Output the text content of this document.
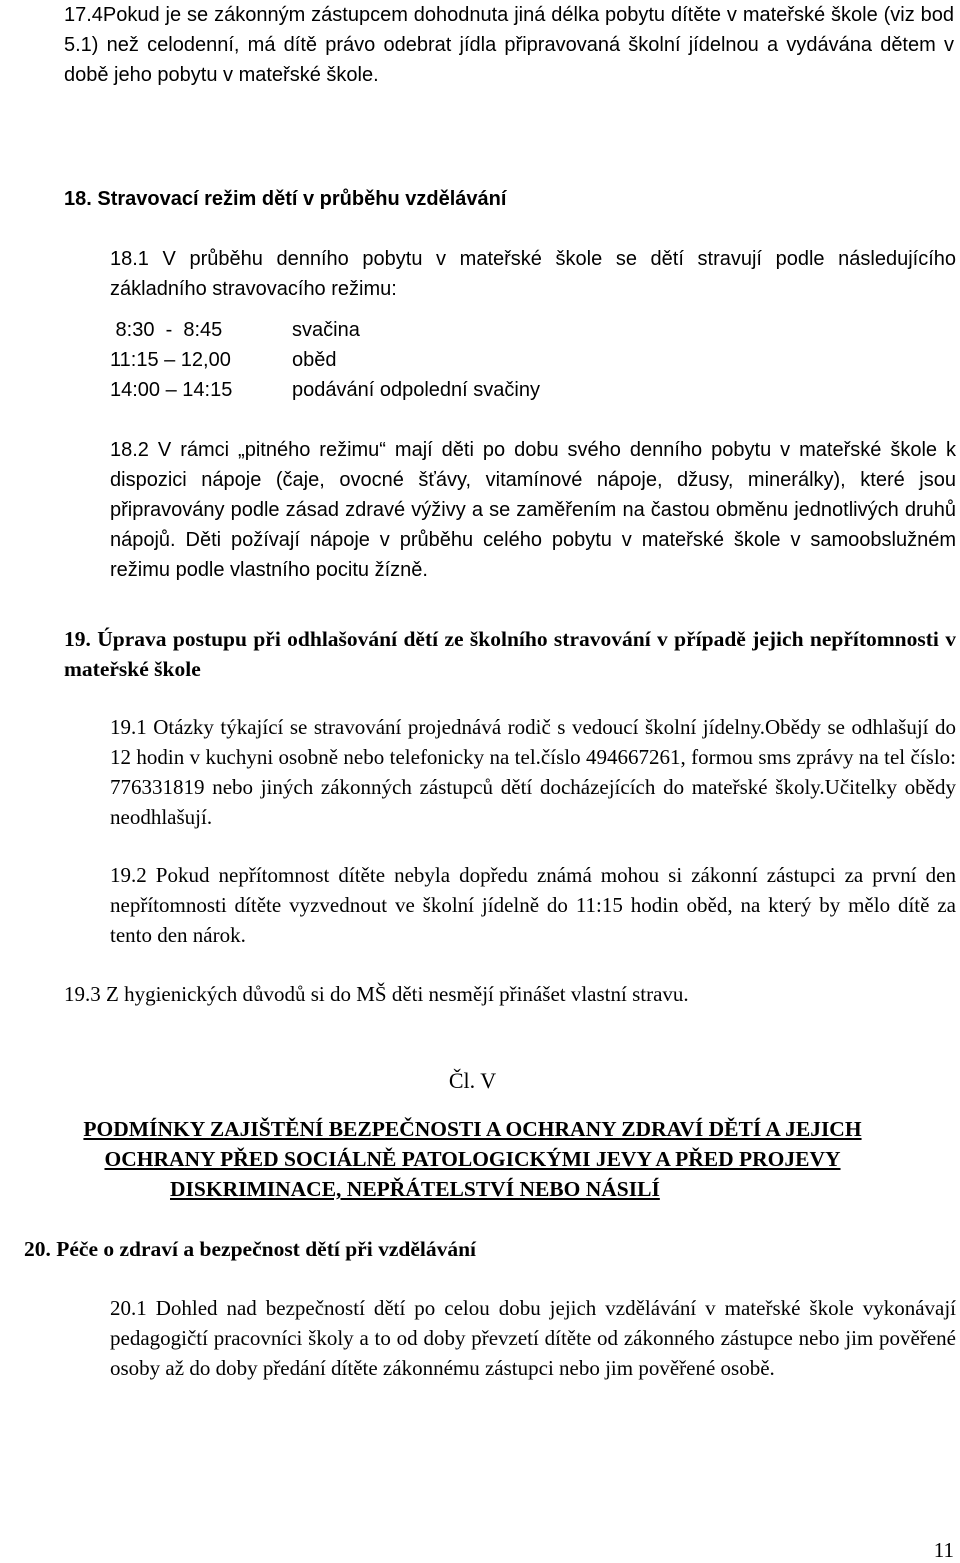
17.4Pokud je se zákonným zástupcem dohodnuta jiná délka pobytu dítěte v mateřské škole (viz bod 5.1) než celodenní, má dítě právo odebrat jídla připravovaná školní jídelnou a vydávána dětem v době jeho pobytu v mateřské škole.

18. Stravovací režim dětí v průběhu vzdělávání

18.1 V průběhu denního pobytu v mateřské škole se dětí stravují podle následujícího základního stravovacího režimu:

8:30  -  8:45	svačina
11:15 – 12,00	oběd
14:00 – 14:15	podávání odpolední svačiny

18.2 V rámci „pitného režimu“ mají děti po dobu svého denního pobytu v mateřské škole k dispozici nápoje (čaje, ovocné šťávy, vitamínové nápoje, džusy, minerálky), které jsou připravovány podle zásad zdravé výživy a se zaměřením na častou obměnu jednotlivých druhů nápojů. Děti požívají nápoje v průběhu celého pobytu v mateřské škole v samoobslužném režimu podle vlastního pocitu žízně.

19. Úprava postupu při odhlašování dětí ze školního stravování v případě jejich nepřítomnosti v mateřské škole

19.1 Otázky týkající se stravování projednává rodič s vedoucí školní jídelny.Obědy se odhlašují do 12 hodin v kuchyni osobně nebo telefonicky na tel.číslo 494667261, formou sms zprávy na tel číslo: 776331819 nebo jiných zákonných zástupců dětí docházejících do mateřské školy.Učitelky obědy neodhlašují.

19.2 Pokud nepřítomnost dítěte nebyla dopředu známá mohou si zákonní zástupci za první den nepřítomnosti dítěte vyzvednout ve školní jídelně do 11:15 hodin oběd, na který by mělo dítě za tento den nárok.

19.3 Z hygienických důvodů si do MŠ děti nesmějí přinášet vlastní stravu.

Čl. V

PODMÍNKY ZAJIŠTĚNÍ BEZPEČNOSTI A OCHRANY ZDRAVÍ DĚTÍ A JEJICH

OCHRANY PŘED SOCIÁLNĚ PATOLOGICKÝMI JEVY A PŘED PROJEVY

DISKRIMINACE, NEPŘÁTELSTVÍ NEBO NÁSILÍ

20. Péče o zdraví a bezpečnost dětí při vzdělávání

20.1 Dohled nad bezpečností dětí po celou dobu jejich vzdělávání v mateřské škole vykonávají pedagogičtí pracovníci školy a to od doby převzetí dítěte od zákonného zástupce nebo jim pověřené osoby až do doby předání dítěte zákonnému zástupci nebo jim pověřené osobě.

11
